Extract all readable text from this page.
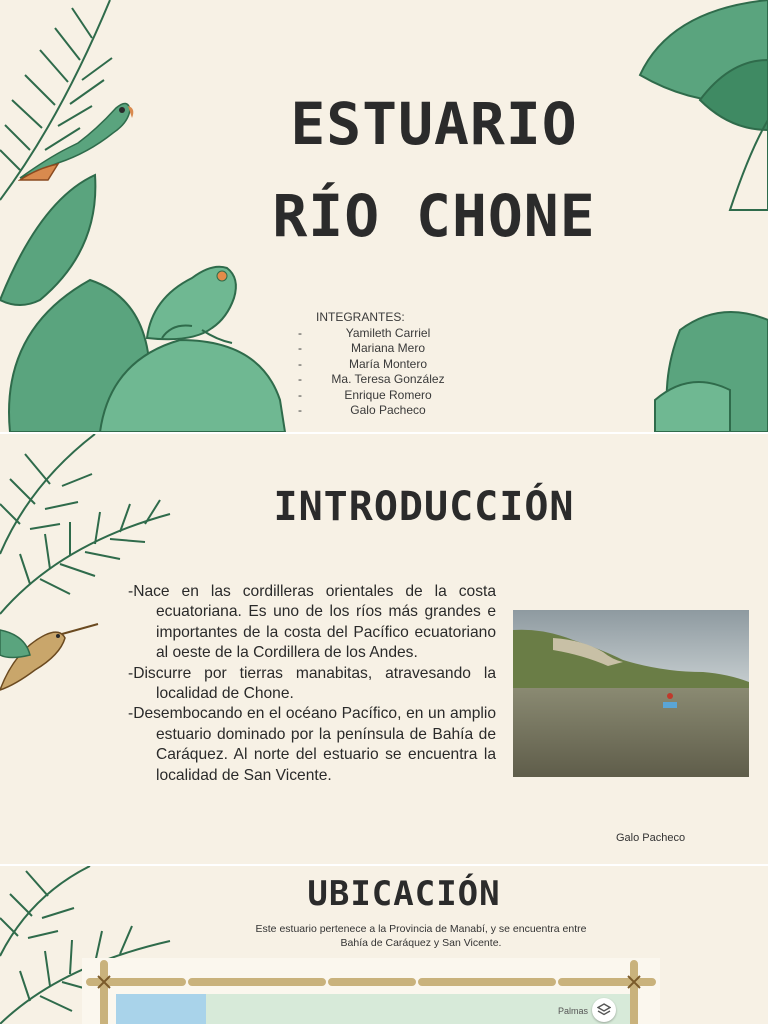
ESTUARIO
RÍO CHONE
INTEGRANTES:
-	Yamileth Carriel
-	Mariana Mero
-	María Montero
-	Ma. Teresa González
-	Enrique Romero
-	Galo Pacheco
INTRODUCCIÓN

-Nace en las cordilleras orientales de la costa ecuatoriana. Es uno de los ríos más grandes e importantes de la costa del Pacífico ecuatoriano al oeste de la Cordillera de los Andes.

-Discurre por tierras manabitas, atravesando la localidad de Chone.

-Desembocando en el océano Pacífico, en un amplio estuario dominado por la península de Bahía de Caráquez. Al norte del estuario se encuentra la localidad de San Vicente.

Galo Pacheco
UBICACIÓN
Este estuario pertenece a la Provincia de Manabí, y se encuentra entre
Bahía de Caráquez y San Vicente.
Palmas
